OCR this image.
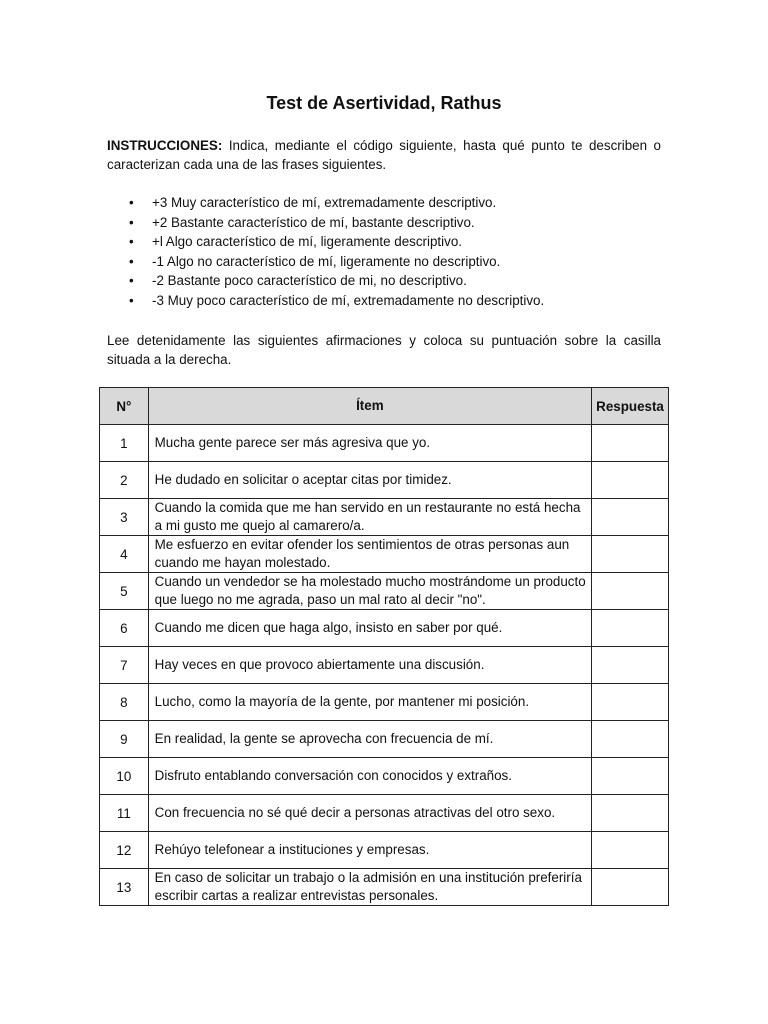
Test de Asertividad, Rathus
INSTRUCCIONES: Indica, mediante el código siguiente, hasta qué punto te describen o caracterizan cada una de las frases siguientes.
• +3 Muy característico de mí, extremadamente descriptivo.
• +2 Bastante característico de mí, bastante descriptivo.
• +l Algo característico de mí, ligeramente descriptivo.
• -1 Algo no característico de mí, ligeramente no descriptivo.
• -2 Bastante poco característico de mi, no descriptivo.
• -3 Muy poco característico de mí, extremadamente no descriptivo.
Lee detenidamente las siguientes afirmaciones y coloca su puntuación sobre la casilla situada a la derecha.
N°	Ítem	Respuesta
1	Mucha gente parece ser más agresiva que yo.	
2	He dudado en solicitar o aceptar citas por timidez.	
3	Cuando la comida que me han servido en un restaurante no está hecha a mi gusto me quejo al camarero/a.	
4	Me esfuerzo en evitar ofender los sentimientos de otras personas aun cuando me hayan molestado.	
5	Cuando un vendedor se ha molestado mucho mostrándome un producto que luego no me agrada, paso un mal rato al decir "no".	
6	Cuando me dicen que haga algo, insisto en saber por qué.	
7	Hay veces en que provoco abiertamente una discusión.	
8	Lucho, como la mayoría de la gente, por mantener mi posición.	
9	En realidad, la gente se aprovecha con frecuencia de mí.	
10	Disfruto entablando conversación con conocidos y extraños.	
11	Con frecuencia no sé qué decir a personas atractivas del otro sexo.	
12	Rehúyo telefonear a instituciones y empresas.	
13	En caso de solicitar un trabajo o la admisión en una institución preferiría escribir cartas a realizar entrevistas personales.	
